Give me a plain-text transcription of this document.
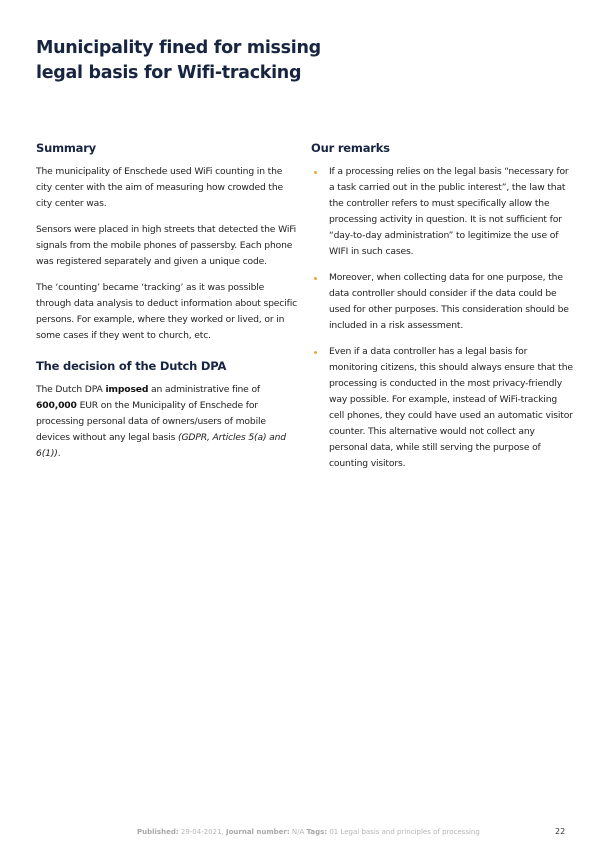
Municipality fined for missing legal basis for Wifi-tracking
Summary

The municipality of Enschede used WiFi counting in the city center with the aim of measuring how crowded the city center was.

Sensors were placed in high streets that detected the WiFi signals from the mobile phones of passersby. Each phone was registered separately and given a unique code.

The ‘counting’ became ‘tracking’ as it was possible through data analysis to deduct information about specific persons. For example, where they worked or lived, or in some cases if they went to church, etc.

The decision of the Dutch DPA

The Dutch DPA imposed an administrative fine of 600,000 EUR on the Municipality of Enschede for processing personal data of owners/users of mobile devices without any legal basis (GDPR, Articles 5(a) and 6(1)).

Our remarks
If a processing relies on the legal basis “necessary for a task carried out in the public interest”, the law that the controller refers to must specifically allow the processing activity in question. It is not sufficient for “day-to-day administration” to legitimize the use of WIFI in such cases.
Moreover, when collecting data for one purpose, the data controller should consider if the data could be used for other purposes. This consideration should be included in a risk assessment.
Even if a data controller has a legal basis for monitoring citizens, this should always ensure that the processing is conducted in the most privacy-friendly way possible. For example, instead of WiFi-tracking cell phones, they could have used an automatic visitor counter. This alternative would not collect any personal data, while still serving the purpose of counting visitors.
Published: 29-04-2021, Journal number: N/A Tags: 01 Legal basis and principles of processing	22
